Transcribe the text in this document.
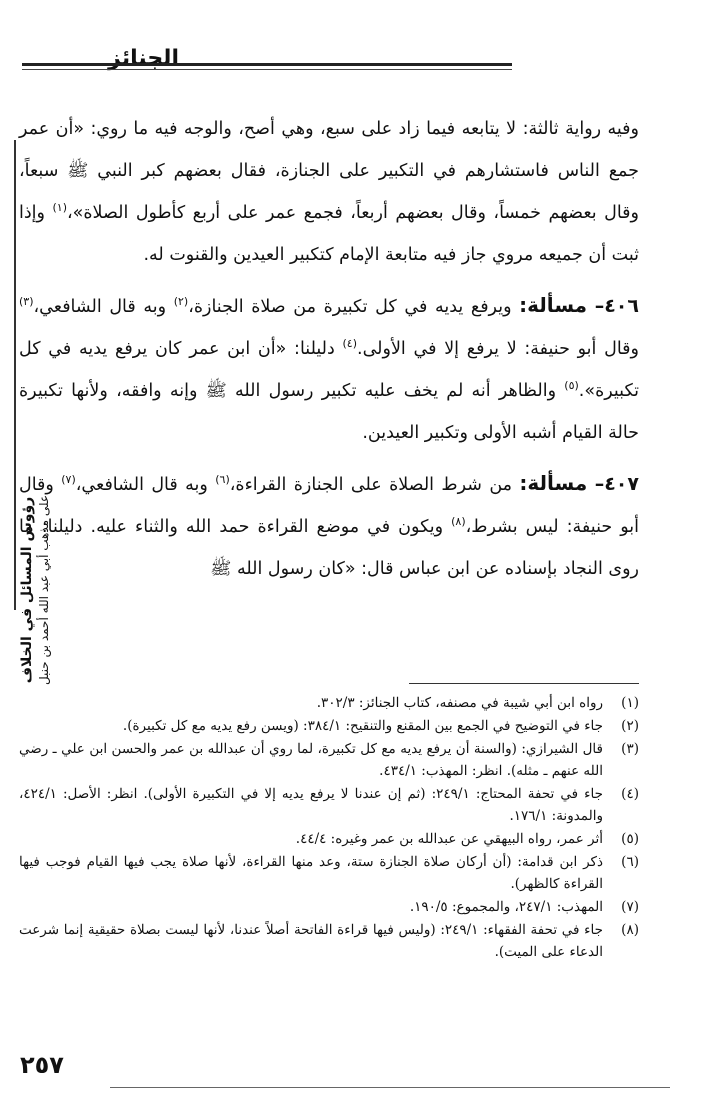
الجنائز
رؤوس المسائل في الخلاف على مذهب أبي عبد الله أحمد بن حنبل

وفيه رواية ثالثة: لا يتابعه فيما زاد على سبع، وهي أصح، والوجه فيه ما روي: «أن عمر جمع الناس فاستشارهم في التكبير على الجنازة، فقال بعضهم كبر النبي ﷺ سبعاً، وقال بعضهم خمساً، وقال بعضهم أربعاً، فجمع عمر على أربع كأطول الصلاة»،$^{(١)}$ وإذا ثبت أن جميعه مروي جاز فيه متابعة الإمام كتكبير العيدين والقنوت له.

٤٠٦– مسألة: ويرفع يديه في كل تكبيرة من صلاة الجنازة،$^{(٢)}$ وبه قال الشافعي،$^{(٣)}$ وقال أبو حنيفة: لا يرفع إلا في الأولى.$^{(٤)}$ دليلنا: «أن ابن عمر كان يرفع يديه في كل تكبيرة».$^{(٥)}$ والظاهر أنه لم يخف عليه تكبير رسول الله ﷺ وإنه وافقه، ولأنها تكبيرة حالة القيام أشبه الأولى وتكبير العيدين.

٤٠٧– مسألة: من شرط الصلاة على الجنازة القراءة،$^{(٦)}$ وبه قال الشافعي،$^{(٧)}$ وقال أبو حنيفة: ليس بشرط،$^{(٨)}$ ويكون في موضع القراءة حمد الله والثناء عليه. دليلنا: ما روى النجاد بإسناده عن ابن عباس قال: «كان رسول الله ﷺ

(١)
رواه ابن أبي شيبة في مصنفه، كتاب الجنائز: ٣٠٢/٣.
(٢)
جاء في التوضيح في الجمع بين المقنع والتنقيح: ٣٨٤/١: (ويسن رفع يديه مع كل تكبيرة).
(٣)
قال الشيرازي: (والسنة أن يرفع يديه مع كل تكبيرة، لما روي أن عبدالله بن عمر والحسن ابن علي ـ رضي الله عنهم ـ مثله). انظر: المهذب: ٤٣٤/١.
(٤)
جاء في تحفة المحتاج: ٢٤٩/١: (ثم إن عندنا لا يرفع يديه إلا في التكبيرة الأولى). انظر: الأصل: ٤٢٤/١، والمدونة: ١٧٦/١.
(٥)
أثر عمر، رواه البيهقي عن عبدالله بن عمر وغيره: ٤٤/٤.
(٦)
ذكر ابن قدامة: (أن أركان صلاة الجنازة ستة، وعد منها القراءة، لأنها صلاة يجب فيها القيام فوجب فيها القراءة كالظهر).
(٧)
المهذب: ٢٤٧/١، والمجموع: ١٩٠/٥.
(٨)
جاء في تحفة الفقهاء: ٢٤٩/١: (وليس فيها قراءة الفاتحة أصلاً عندنا، لأنها ليست بصلاة حقيقية إنما شرعت الدعاء على الميت).
٢٥٧
